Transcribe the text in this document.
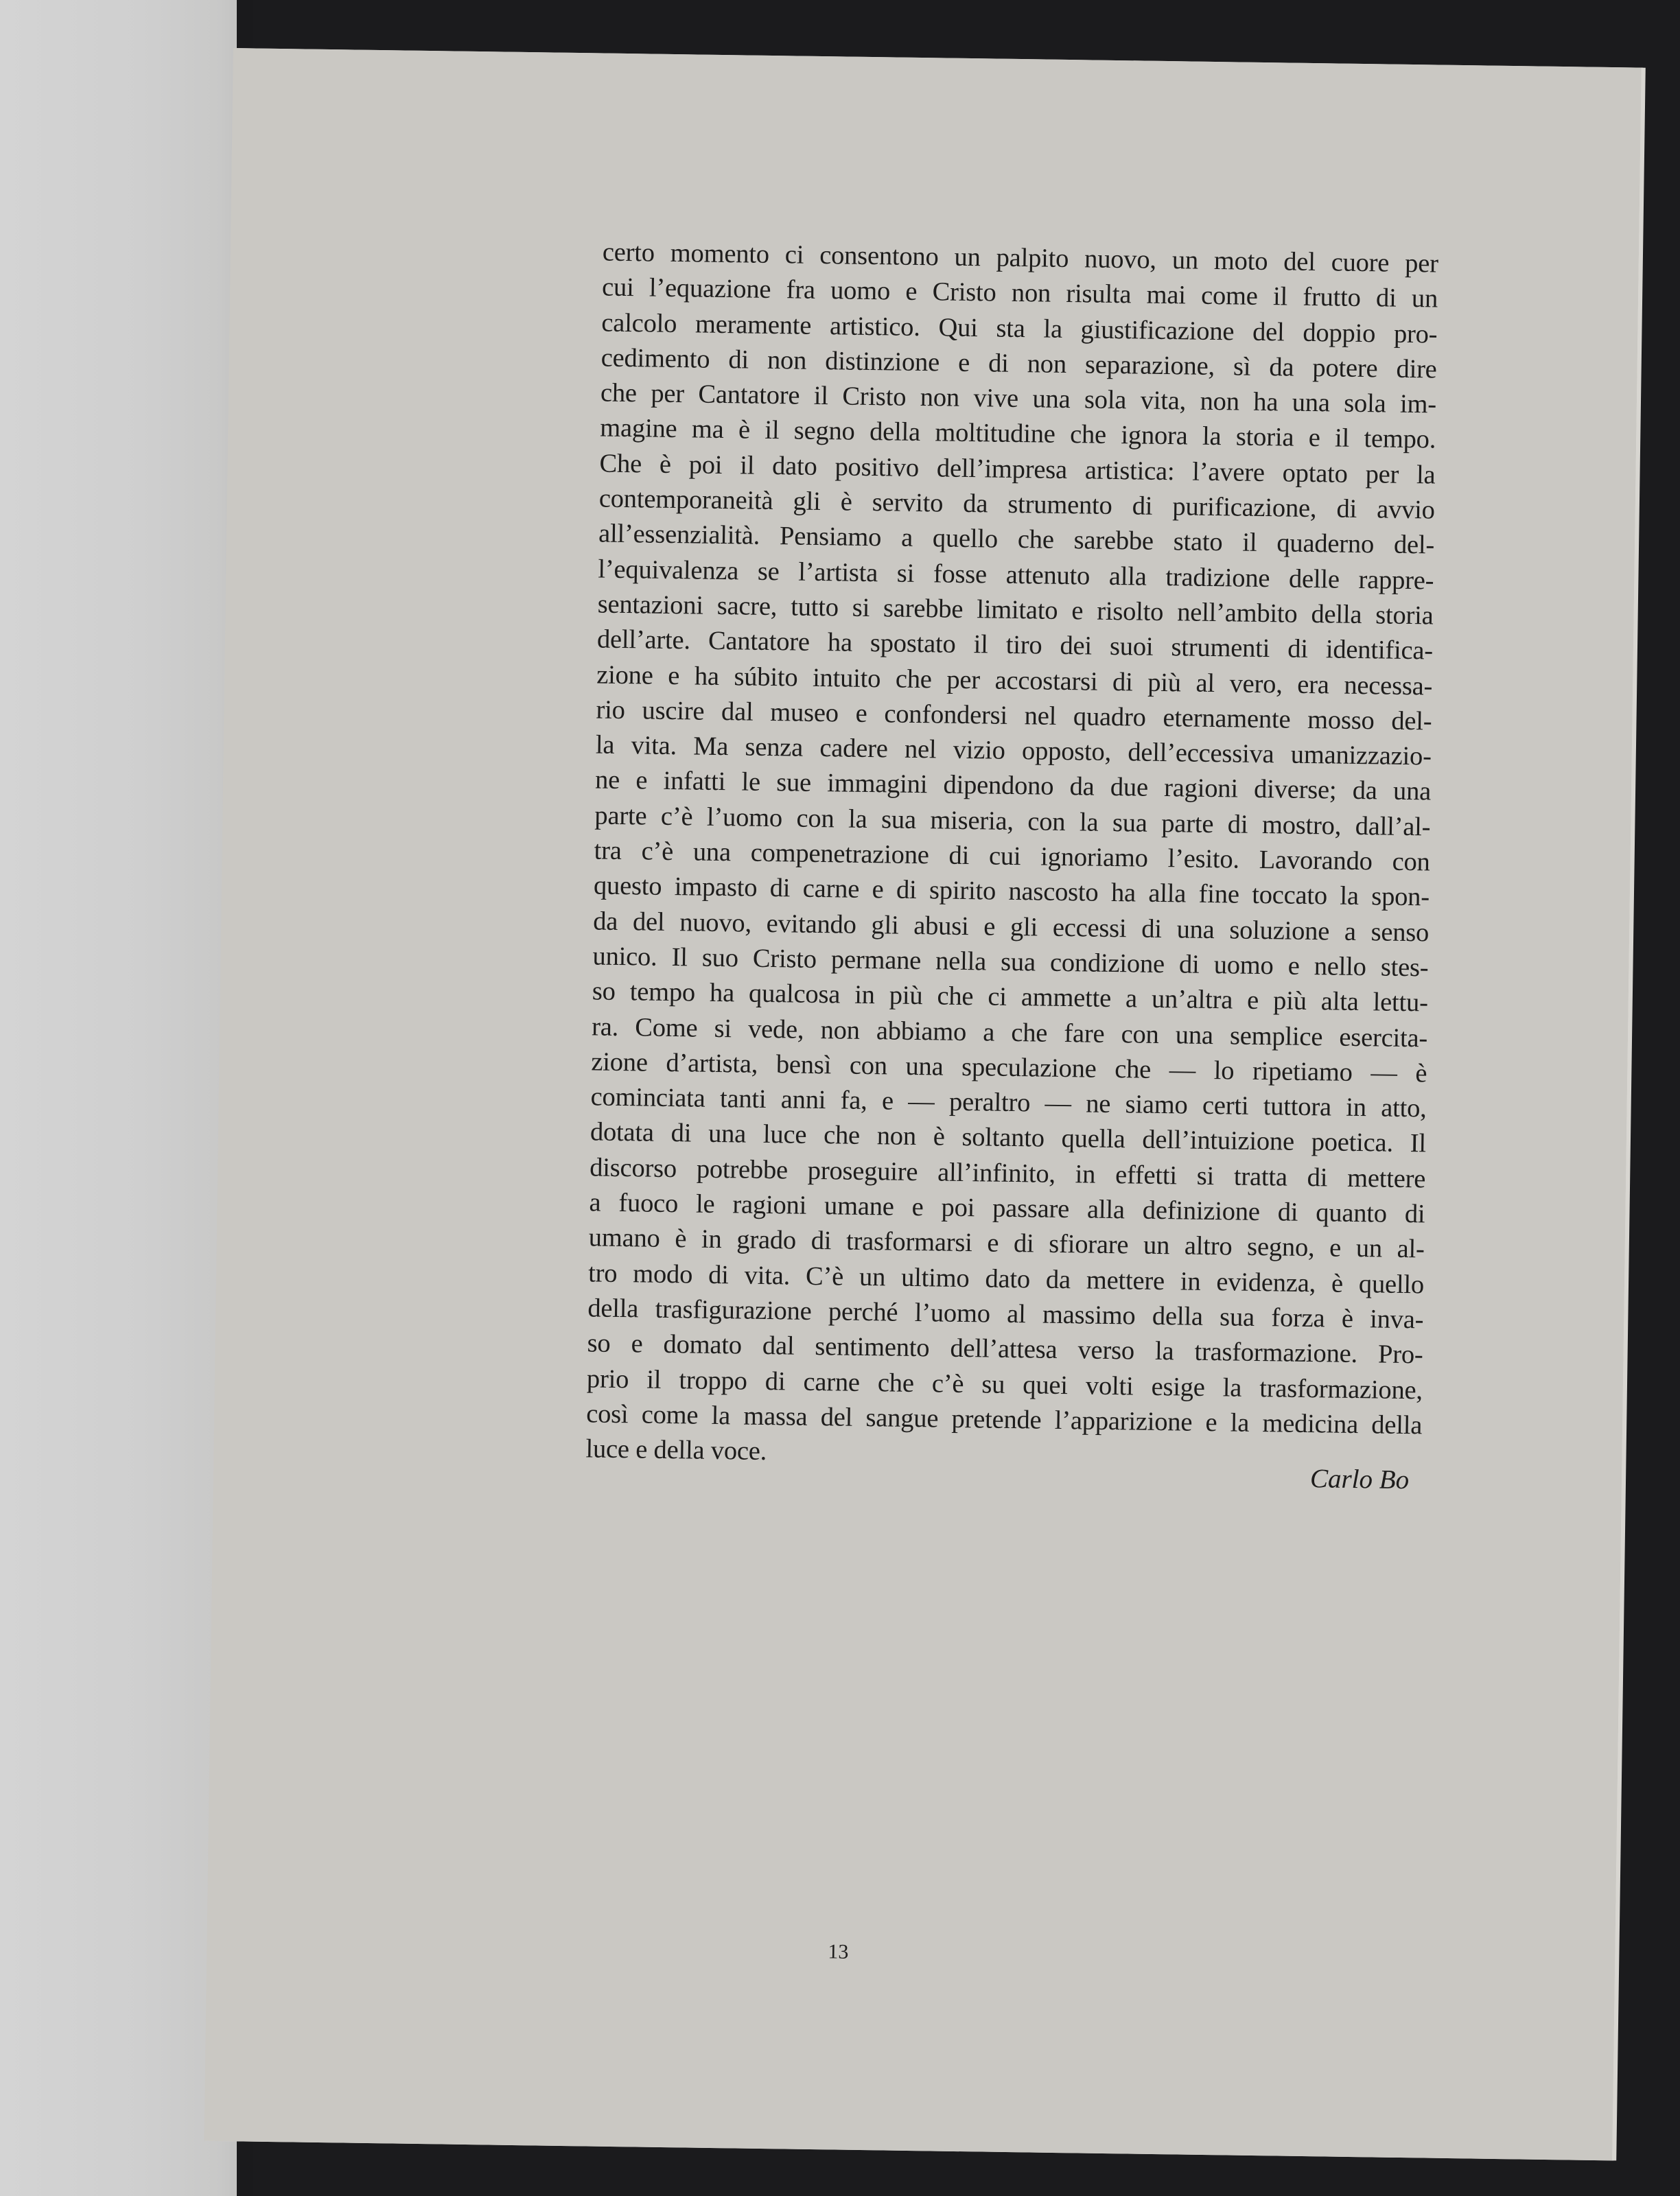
certo momento ci consentono un palpito nuovo, un moto del cuore per
cui l’equazione fra uomo e Cristo non risulta mai come il frutto di un
calcolo meramente artistico. Qui sta la giustificazione del doppio pro-
cedimento di non distinzione e di non separazione, sì da potere dire
che per Cantatore il Cristo non vive una sola vita, non ha una sola im-
magine ma è il segno della moltitudine che ignora la storia e il tempo.
Che è poi il dato positivo dell’impresa artistica: l’avere optato per la
contemporaneità gli è servito da strumento di purificazione, di avvio
all’essenzialità. Pensiamo a quello che sarebbe stato il quaderno del-
l’equivalenza se l’artista si fosse attenuto alla tradizione delle rappre-
sentazioni sacre, tutto si sarebbe limitato e risolto nell’ambito della storia
dell’arte. Cantatore ha spostato il tiro dei suoi strumenti di identifica-
zione e ha súbito intuito che per accostarsi di più al vero, era necessa-
rio uscire dal museo e confondersi nel quadro eternamente mosso del-
la vita. Ma senza cadere nel vizio opposto, dell’eccessiva umanizzazio-
ne e infatti le sue immagini dipendono da due ragioni diverse; da una
parte c’è l’uomo con la sua miseria, con la sua parte di mostro, dall’al-
tra c’è una compenetrazione di cui ignoriamo l’esito. Lavorando con
questo impasto di carne e di spirito nascosto ha alla fine toccato la spon-
da del nuovo, evitando gli abusi e gli eccessi di una soluzione a senso
unico. Il suo Cristo permane nella sua condizione di uomo e nello stes-
so tempo ha qualcosa in più che ci ammette a un’altra e più alta lettu-
ra. Come si vede, non abbiamo a che fare con una semplice esercita-
zione d’artista, bensì con una speculazione che — lo ripetiamo — è
cominciata tanti anni fa, e — peraltro — ne siamo certi tuttora in atto,
dotata di una luce che non è soltanto quella dell’intuizione poetica. Il
discorso potrebbe proseguire all’infinito, in effetti si tratta di mettere
a fuoco le ragioni umane e poi passare alla definizione di quanto di
umano è in grado di trasformarsi e di sfiorare un altro segno, e un al-
tro modo di vita. C’è un ultimo dato da mettere in evidenza, è quello
della trasfigurazione perché l’uomo al massimo della sua forza è inva-
so e domato dal sentimento dell’attesa verso la trasformazione. Pro-
prio il troppo di carne che c’è su quei volti esige la trasformazione,
così come la massa del sangue pretende l’apparizione e la medicina della
luce e della voce.
Carlo Bo
13
